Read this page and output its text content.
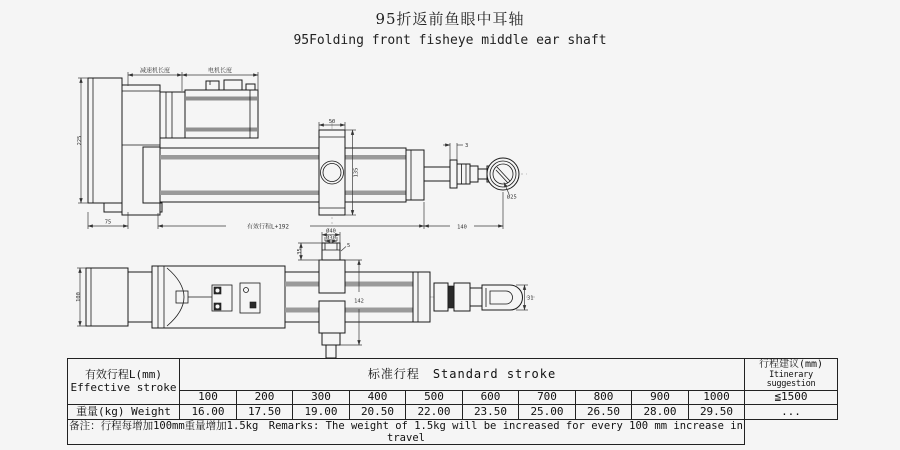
95折返前鱼眼中耳轴
95Folding front fisheye middle ear shaft
减速机长度	电机长度
225
75
有效行程L+192	140
50
135
3
Ø25
100
Ø40
Ø30
35
5
142	31
有效行程L(mm)
Effective stroke
	标准行程　Standard stroke	
行程建议(mm)
Itinerary suggestion

	100	200	300	400	500	600	700	800	900	1000	≦1500
重量(kg) Weight	16.00	17.50	19.00	20.50	22.00	23.50	25.00	26.50	28.00	29.50	...
备注：行程每增加100mm重量增加1.5kg　Remarks: The weight of 1.5kg will be increased for every 100 mm increase in travel											
